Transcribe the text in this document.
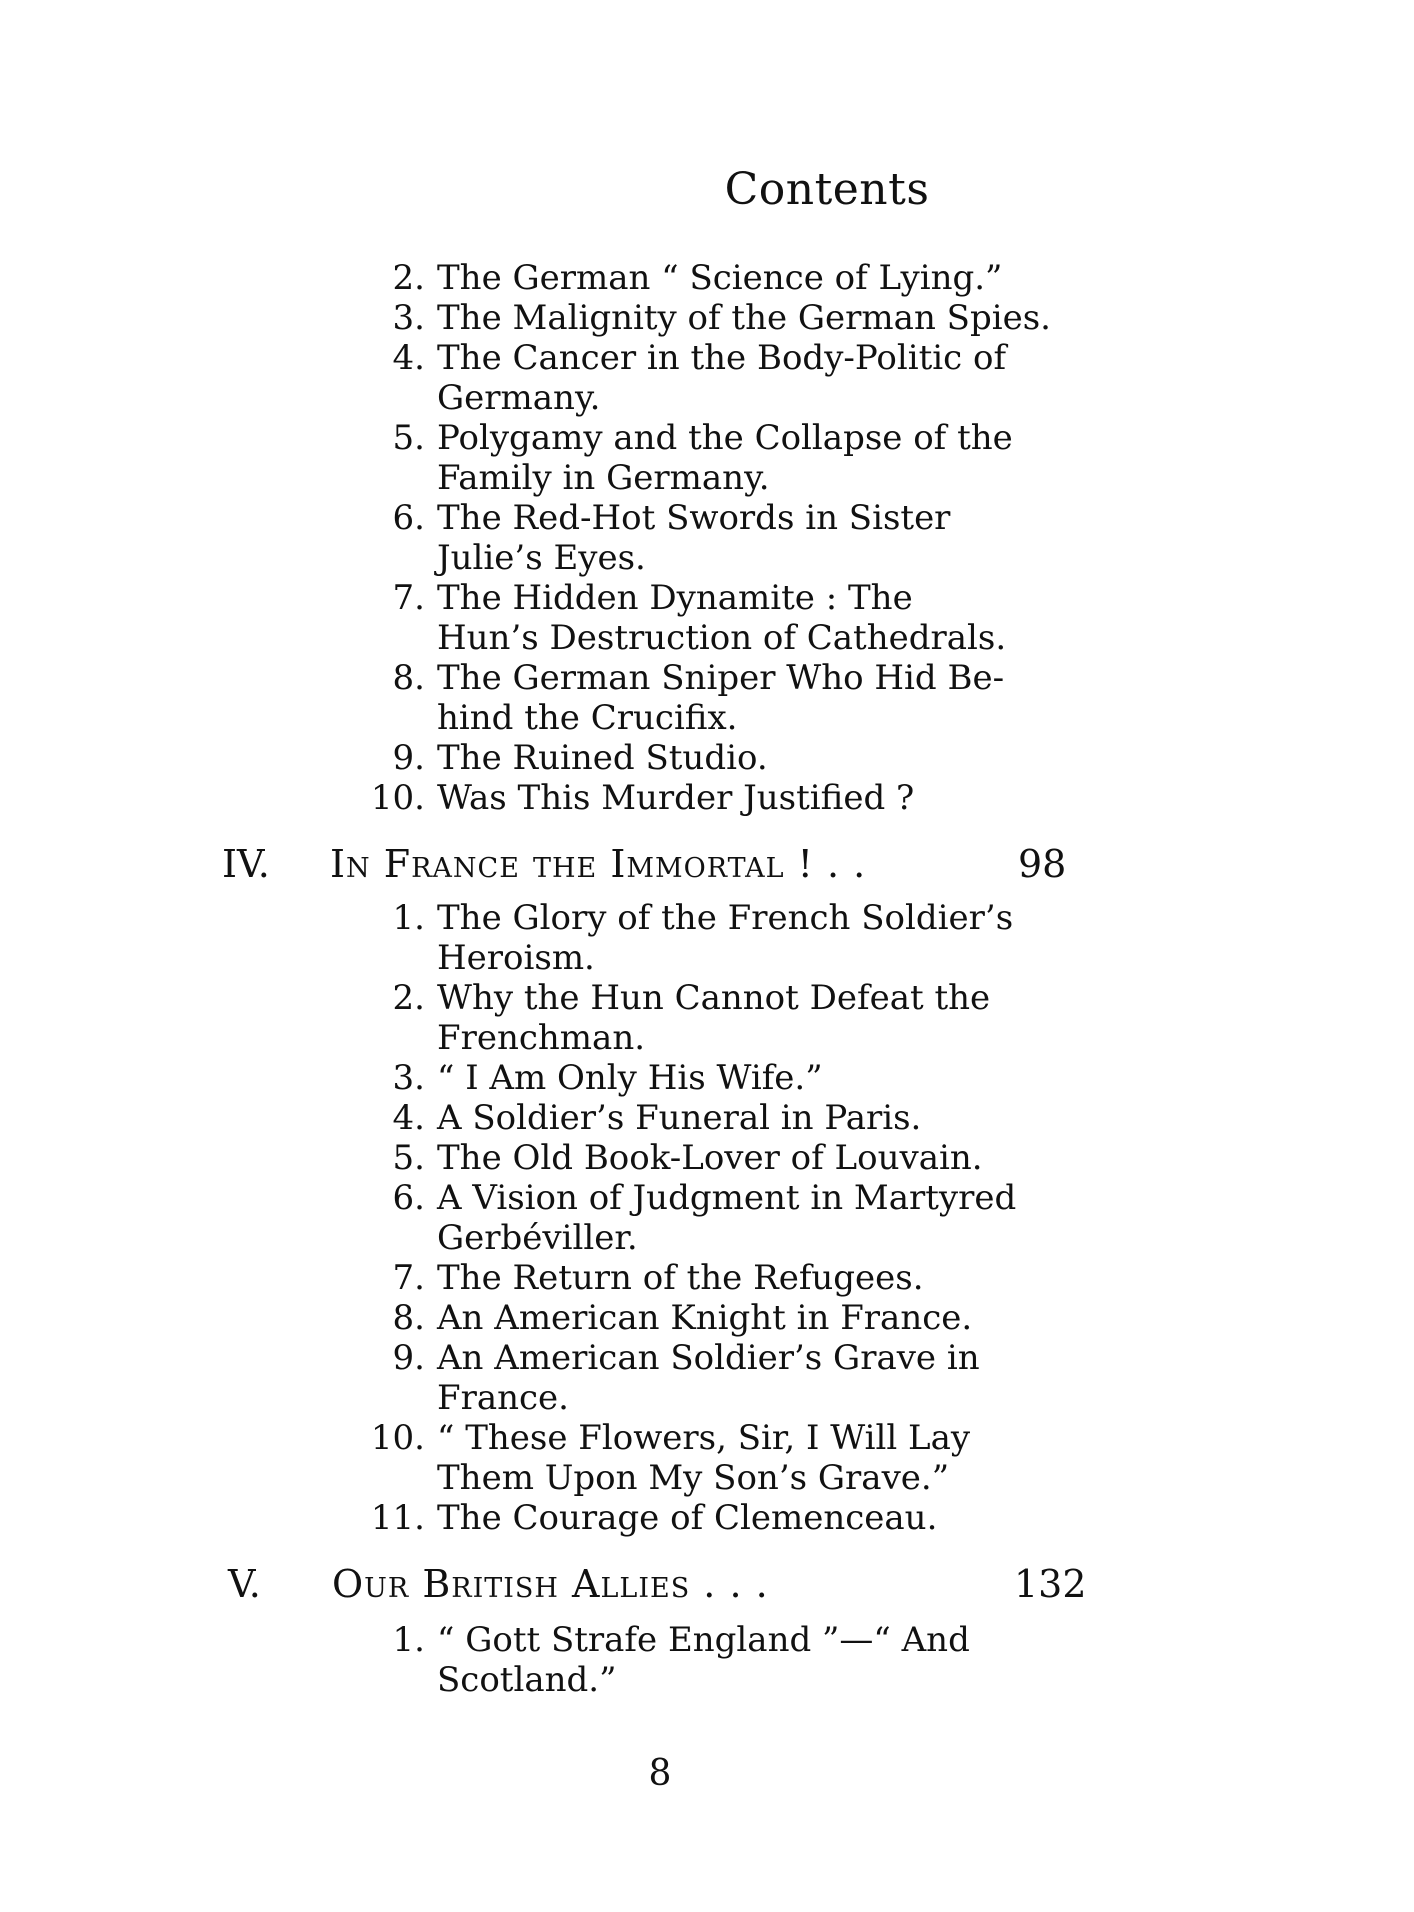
Contents
2. The German “ Science of Lying.”
3. The Malignity of the German Spies.
4. The Cancer in the Body-Politic of
Germany.
5. Polygamy and the Collapse of the
Family in Germany.
6. The Red-Hot Swords in Sister
Julie’s Eyes.
7. The Hidden Dynamite : The
Hun’s Destruction of Cathedrals.
8. The German Sniper Who Hid Be-
hind the Crucifix.
9. The Ruined Studio.
10. Was This Murder Justified ?
IV.	In France the Immortal ! . .	98
1. The Glory of the French Soldier’s
Heroism.
2. Why the Hun Cannot Defeat the
Frenchman.
3. “ I Am Only His Wife.”
4. A Soldier’s Funeral in Paris.
5. The Old Book-Lover of Louvain.
6. A Vision of Judgment in Martyred
Gerbéviller.
7. The Return of the Refugees.
8. An American Knight in France.
9. An American Soldier’s Grave in
France.
10. “ These Flowers, Sir, I Will Lay
Them Upon My Son’s Grave.”
11. The Courage of Clemenceau.
V.	Our British Allies . . .	132
1. “ Gott Strafe England ”—“ And
Scotland.”
8
